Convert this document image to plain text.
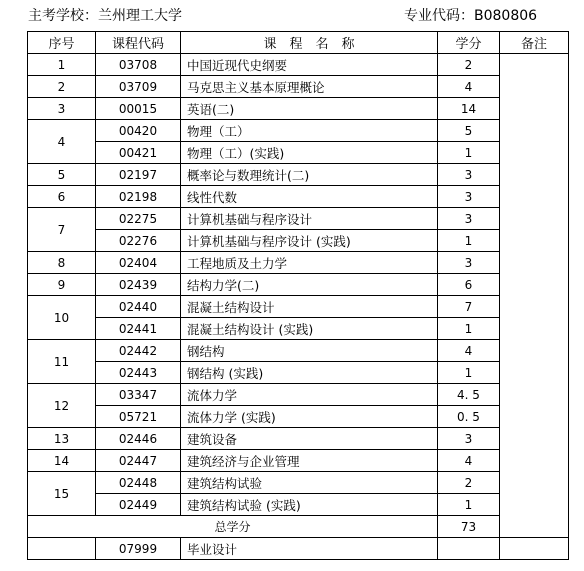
主考学校：兰州理工大学	专业代码：B080806
序号	课程代码	课　程　名　称	学分	备注
1	03708	中国近现代史纲要	2	
2	03709	马克思主义基本原理概论	4	
3	00015	英语(二)	14	
4	00420	物理（工）	5	
	00421	物理（工）(实践)	1	
5	02197	概率论与数理统计(二)	3	
6	02198	线性代数	3	
7	02275	计算机基础与程序设计	3	
	02276	计算机基础与程序设计 (实践)	1	
8	02404	工程地质及土力学	3	
9	02439	结构力学(二)	6	
10	02440	混凝土结构设计	7	
	02441	混凝土结构设计 (实践)	1	
11	02442	钢结构	4	
	02443	钢结构 (实践)	1	
12	03347	流体力学	4. 5	
	05721	流体力学 (实践)	0. 5	
13	02446	建筑设备	3	
14	02447	建筑经济与企业管理	4	
15	02448	建筑结构试验	2	
	02449	建筑结构试验 (实践)	1	
总学分			73	
	07999	毕业设计		
